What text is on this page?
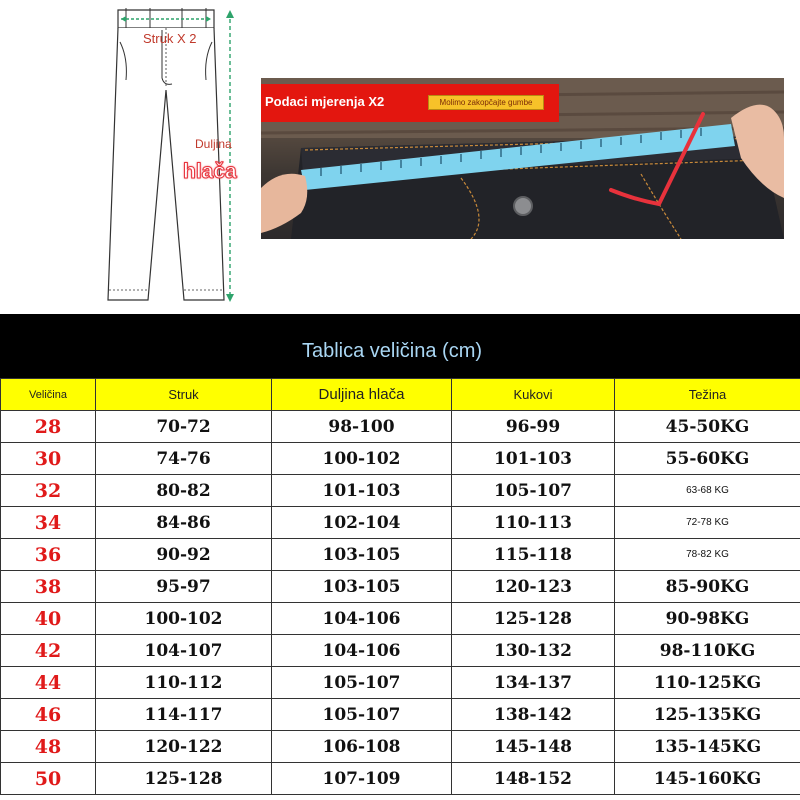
Struk X 2
Duljina
hlača
Podaci mjerenja X2	Molimo zakopčajte gumbe
Tablica veličina (cm)
Veličina	Struk	Duljina hlača	Kukovi	Težina
28	70-72	98-100	96-99	45-50KG
30	74-76	100-102	101-103	55-60KG
32	80-82	101-103	105-107	63-68 KG
34	84-86	102-104	110-113	72-78 KG
36	90-92	103-105	115-118	78-82 KG
38	95-97	103-105	120-123	85-90KG
40	100-102	104-106	125-128	90-98KG
42	104-107	104-106	130-132	98-110KG
44	110-112	105-107	134-137	110-125KG
46	114-117	105-107	138-142	125-135KG
48	120-122	106-108	145-148	135-145KG
50	125-128	107-109	148-152	145-160KG
